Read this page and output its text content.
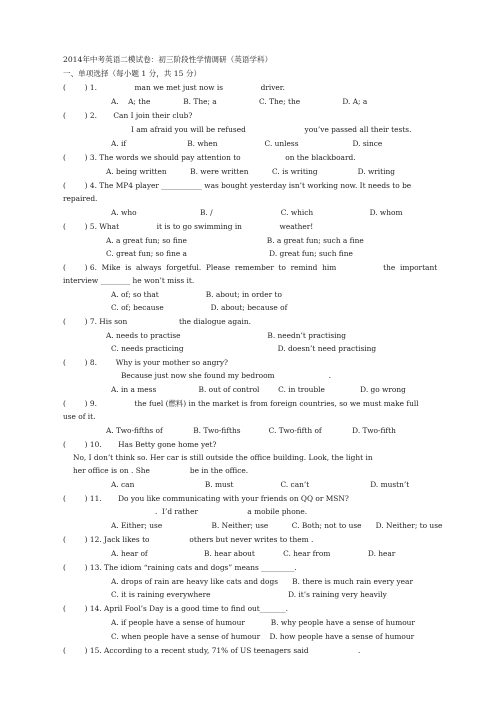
2014年中考英语二模试卷：初三阶段性学情调研（英语学科）
一、单项选择（每小题 1 分，共 15 分）
(        ) 1.                man we met just now is                driver.
A.    A; the              B. The; a                  C. The; the                  D. A; a
(        ) 2.       Can I join their club?
I am afraid you will be refused                         you’ve passed all their tests.
A. if                          B. when                    C. unless                       D. since
(        ) 3. The words we should pay attention to                   on the blackboard.
A. being written          B. were written          C. is writing                 D. writing
(        ) 4. The MP4 player ___________ was bought yesterday isn’t working now. It needs to be
repaired.
A. who                           B. /                             C. which                        D. whom
(        ) 5. What                it is to go swimming in                weather!
A. a great fun; so fine                                  B. a great fun; such a fine
C. great fun; so fine a                                   D. great fun; such fine
(        ) 6.  Mike  is  always  forgetful.  Please  remember  to  remind  him                    the  important
interview ________ he won’t miss it.
A. of; so that                    B. about; in order to
C. of; because                    D. about; because of
(        ) 7. His son                      the dialogue again.
A. needs to practise                                     B. needn’t practising
C. needs practicing                                        D. doesn’t need practising
(        ) 8.        Why is your mother so angry?
Because just now she found my bedroom                       .
A. in a mess                  B. out of control        C. in trouble               D. go wrong
(        ) 9.                the fuel (燃料) in the market is from foreign countries, so we must make full
use of it.
A. Two-fifths of             B. Two-fifths            C. Two-fifth of             D. Two-fifth
(        ) 10.       Has Betty gone home yet?
No, I don’t think so. Her car is still outside the office building. Look, the light in
her office is on . She                 be in the office.
A. can                              B. must                    C. can’t                          D. mustn’t
(        ) 11.       Do you like communicating with your friends on QQ or MSN?
.  I’d rather                     a mobile phone.
A. Either; use                     B. Neither; use          C. Both; not to use      D. Neither; to use
(        ) 12. Jack likes to                 others but never writes to them .
A. hear of                        B. hear about            C. hear from                D. hear
(        ) 13. The idiom “raining cats and dogs” means _________.
A. drops of rain are heavy like cats and dogs      B. there is much rain every year
C. it is raining everywhere                                 D. it’s raining very heavily
(        ) 14. April Fool’s Day is a good time to find out_______.
A. if people have a sense of humour           B. why people have a sense of humour
C. when people have a sense of humour    D. how people have a sense of humour
(        ) 15. According to a recent study, 71% of US teenagers said                     .
